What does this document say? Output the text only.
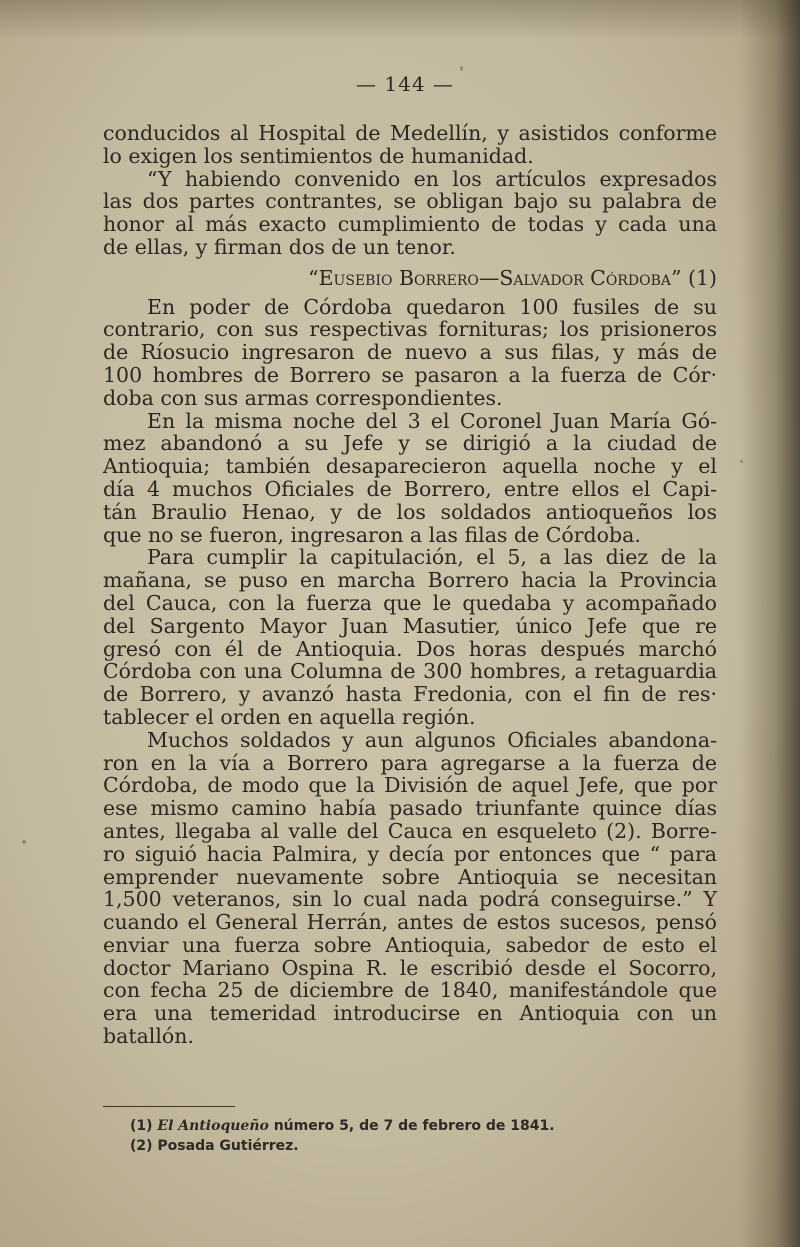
— 144 —
conducidos al Hospital de Medellín, y asistidos conforme
lo exigen los sentimientos de humanidad.
“Y habiendo convenido en los artículos expresados
las dos partes contrantes, se obligan bajo su palabra de
honor al más exacto cumplimiento de todas y cada una
de ellas, y firman dos de un tenor.
“Eusebio Borrero—Salvador Córdoba” (1)
En poder de Córdoba quedaron 100 fusiles de su
contrario, con sus respectivas fornituras; los prisioneros
de Ríosucio ingresaron de nuevo a sus filas, y más de
100 hombres de Borrero se pasaron a la fuerza de Cór·
doba con sus armas correspondientes.
En la misma noche del 3 el Coronel Juan María Gó-
mez abandonó a su Jefe y se dirigió a la ciudad de
Antioquia; también desaparecieron aquella noche y el
día 4 muchos Oficiales de Borrero, entre ellos el Capi-
tán Braulio Henao, y de los soldados antioqueños los
que no se fueron, ingresaron a las filas de Córdoba.
Para cumplir la capitulación, el 5, a las diez de la
mañana, se puso en marcha Borrero hacia la Provincia
del Cauca, con la fuerza que le quedaba y acompañado
del Sargento Mayor Juan Masutier, único Jefe que re
gresó con él de Antioquia. Dos horas después marchó
Córdoba con una Columna de 300 hombres, a retaguardia
de Borrero, y avanzó hasta Fredonia, con el fin de res·
tablecer el orden en aquella región.
Muchos soldados y aun algunos Oficiales abandona-
ron en la vía a Borrero para agregarse a la fuerza de
Córdoba, de modo que la División de aquel Jefe, que por
ese mismo camino había pasado triunfante quince días
antes, llegaba al valle del Cauca en esqueleto (2). Borre-
ro siguió hacia Palmira, y decía por entonces que “ para
emprender nuevamente sobre Antioquia se necesitan
1,500 veteranos, sin lo cual nada podrá conseguirse.” Y
cuando el General Herrán, antes de estos sucesos, pensó
enviar una fuerza sobre Antioquia, sabedor de esto el
doctor Mariano Ospina R. le escribió desde el Socorro,
con fecha 25 de diciembre de 1840, manifestándole que
era una temeridad introducirse en Antioquia con un
batallón.
(1) El Antioqueño número 5, de 7 de febrero de 1841.
(2) Posada Gutiérrez.
